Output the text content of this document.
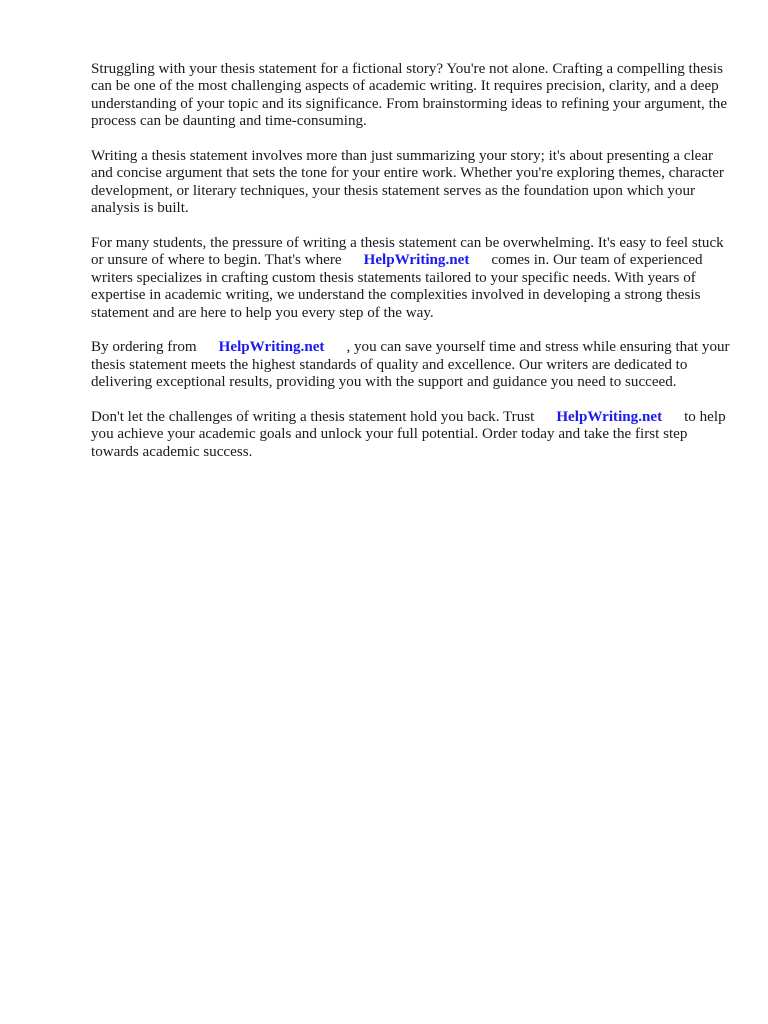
Struggling with your thesis statement for a fictional story? You're not alone. Crafting a compelling thesis can be one of the most challenging aspects of academic writing. It requires precision, clarity, and a deep understanding of your topic and its significance. From brainstorming ideas to refining your argument, the process can be daunting and time-consuming.

Writing a thesis statement involves more than just summarizing your story; it's about presenting a clear and concise argument that sets the tone for your entire work. Whether you're exploring themes, character development, or literary techniques, your thesis statement serves as the foundation upon which your analysis is built.

For many students, the pressure of writing a thesis statement can be overwhelming. It's easy to feel stuck or unsure of where to begin. That's where HelpWriting.net comes in. Our team of experienced writers specializes in crafting custom thesis statements tailored to your specific needs. With years of expertise in academic writing, we understand the complexities involved in developing a strong thesis statement and are here to help you every step of the way.

By ordering from HelpWriting.net , you can save yourself time and stress while ensuring that your thesis statement meets the highest standards of quality and excellence. Our writers are dedicated to delivering exceptional results, providing you with the support and guidance you need to succeed.

Don't let the challenges of writing a thesis statement hold you back. Trust HelpWriting.net to help you achieve your academic goals and unlock your full potential. Order today and take the first step towards academic success.
